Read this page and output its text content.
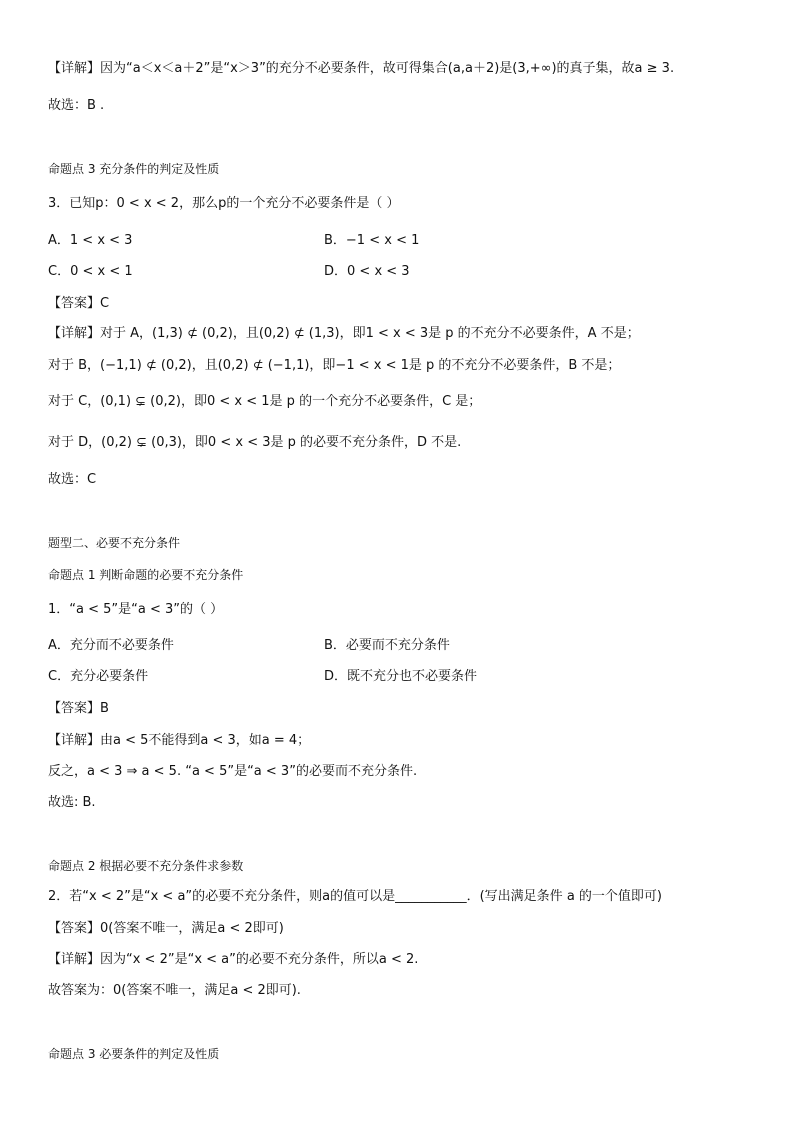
【详解】因为“a＜x＜a＋2”是“x＞3”的充分不必要条件，故可得集合(a,a＋2)是(3,+∞)的真子集，故a ≥ 3.
故选：B .
命题点 3 充分条件的判定及性质
3．已知p：0 < x < 2，那么p的一个充分不必要条件是（ ）
A．1 < x < 3	B．−1 < x < 1
C．0 < x < 1	D．0 < x < 3
【答案】C
【详解】对于 A，(1,3) ⊄ (0,2)，且(0,2) ⊄ (1,3)，即1 < x < 3是 p 的不充分不必要条件，A 不是；
对于 B，(−1,1) ⊄ (0,2)，且(0,2) ⊄ (−1,1)，即−1 < x < 1是 p 的不充分不必要条件，B 不是；
对于 C，(0,1) ⊊ (0,2)，即0 < x < 1是 p 的一个充分不必要条件，C 是；
对于 D，(0,2) ⊊ (0,3)，即0 < x < 3是 p 的必要不充分条件，D 不是.
故选：C
题型二、必要不充分条件
命题点 1 判断命题的必要不充分条件
1．“a < 5”是“a < 3”的（ ）
A．充分而不必要条件	B．必要而不充分条件
C．充分必要条件	D．既不充分也不必要条件
【答案】B
【详解】由a < 5不能得到a < 3，如a = 4；
反之，a < 3 ⇒ a < 5. “a < 5”是“a < 3”的必要而不充分条件.
故选: B.
命题点 2 根据必要不充分条件求参数
2．若“x < 2”是“x < a”的必要不充分条件，则a的值可以是___________．(写出满足条件 a 的一个值即可)
【答案】0(答案不唯一，满足a < 2即可)
【详解】因为“x < 2”是“x < a”的必要不充分条件，所以a < 2.
故答案为：0(答案不唯一，满足a < 2即可).
命题点 3 必要条件的判定及性质
